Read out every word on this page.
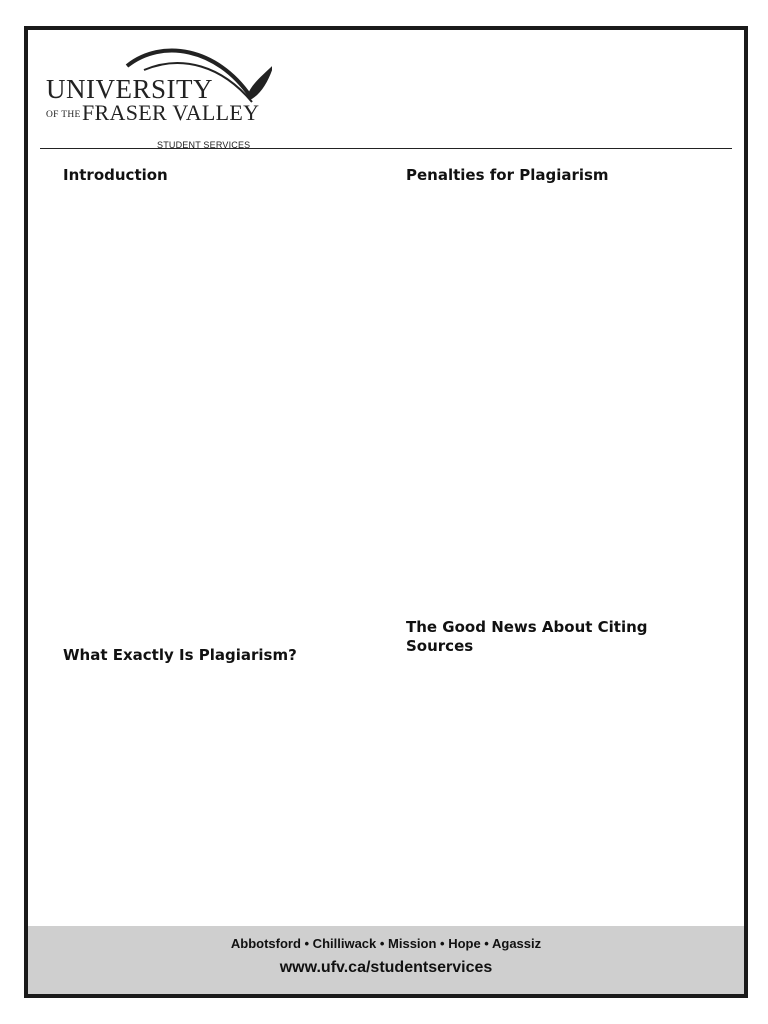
UNIVERSITY
OF THE FRASER VALLEY
STUDENT SERVICES
Introduction	Penalties for Plagiarism
What Exactly Is Plagiarism?
The Good News About Citing Sources
Abbotsford • Chilliwack • Mission • Hope • Agassiz
www.ufv.ca/studentservices
